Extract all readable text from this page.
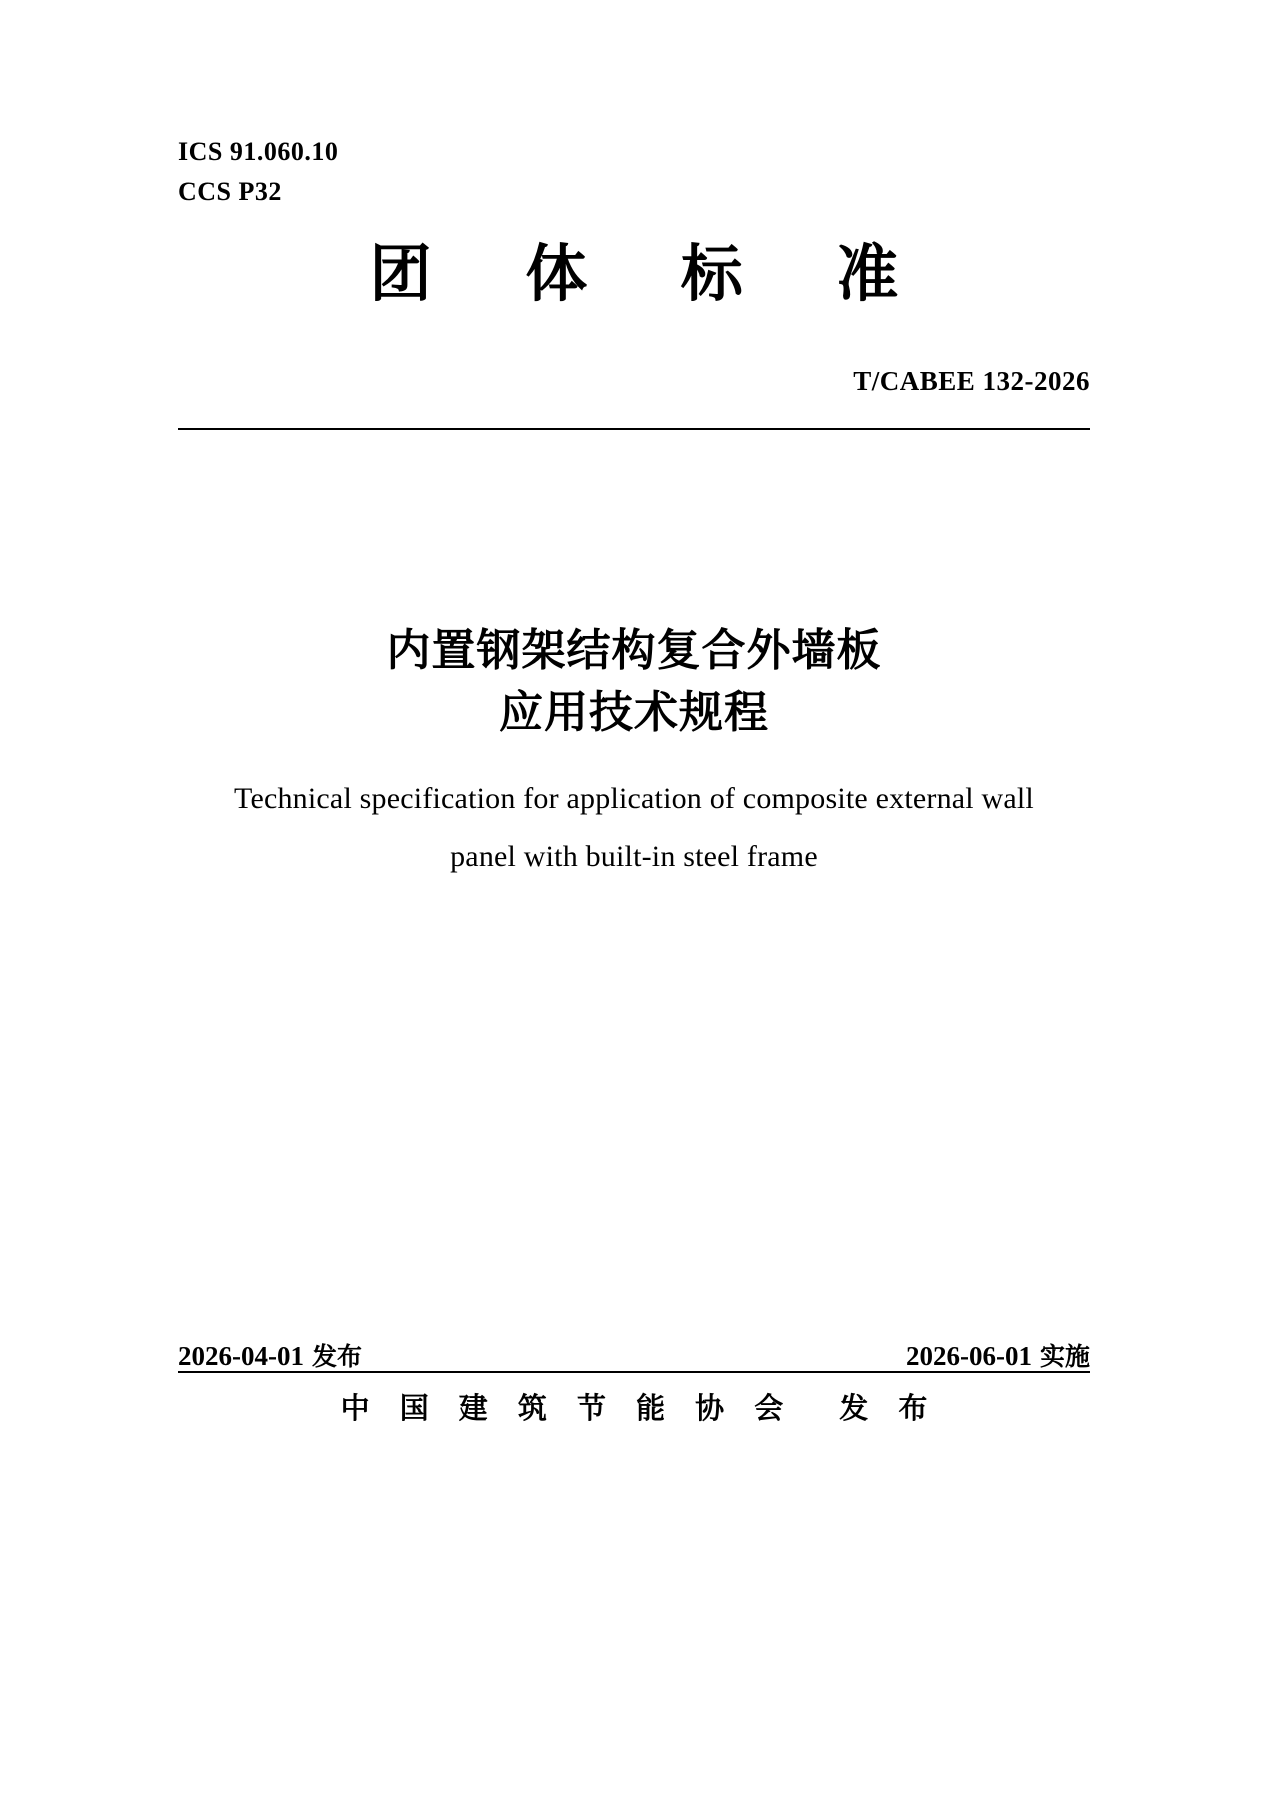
ICS 91.060.10
CCS P32
团 体 标 准
T/CABEE 132-2026
内置钢架结构复合外墙板
应用技术规程
Technical specification for application of composite external wall
panel with built-in steel frame
2026-04-01 发布	2026-06-01 实施
中 国 建 筑 节 能 协 会 发 布
